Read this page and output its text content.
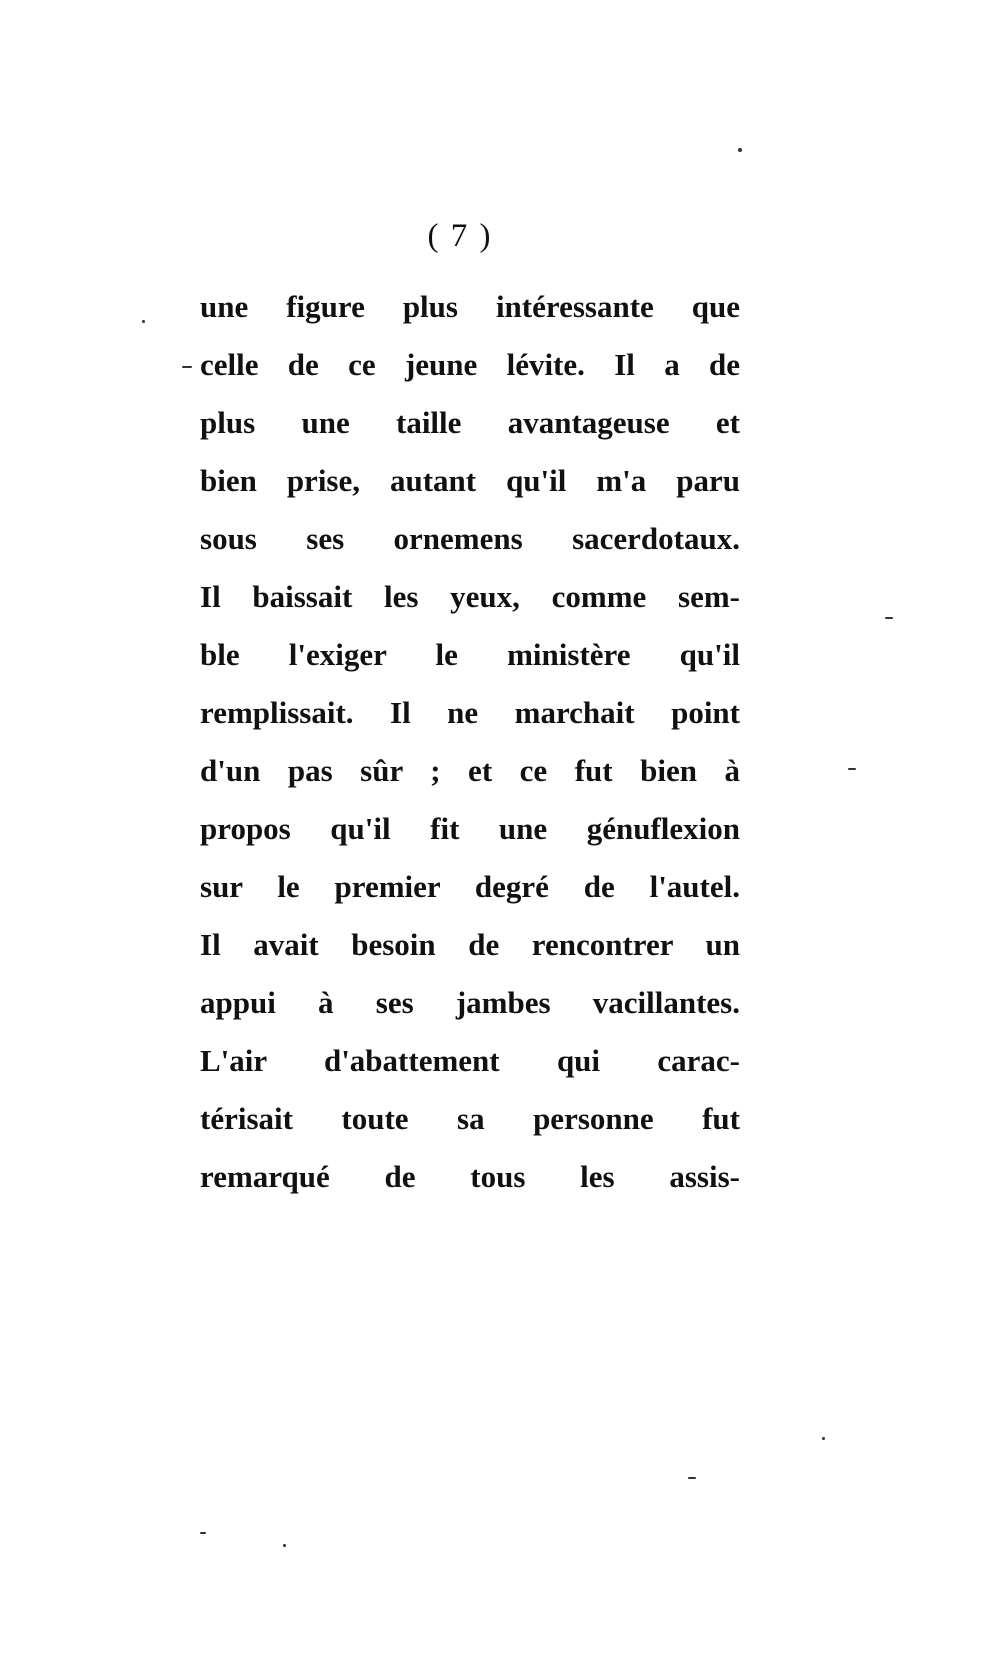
( 7 )
une figure plus intéressante que
celle de ce jeune lévite. Il a de
plus une taille avantageuse et
bien prise, autant qu'il m'a paru
sous ses ornemens sacerdotaux.
Il baissait les yeux, comme sem-
ble l'exiger le ministère qu'il
remplissait. Il ne marchait point
d'un pas sûr ; et ce fut bien à
propos qu'il fit une génuflexion
sur le premier degré de l'autel.
Il avait besoin de rencontrer un
appui à ses jambes vacillantes.
L'air d'abattement qui carac-
térisait toute sa personne fut
remarqué de tous les assis-
